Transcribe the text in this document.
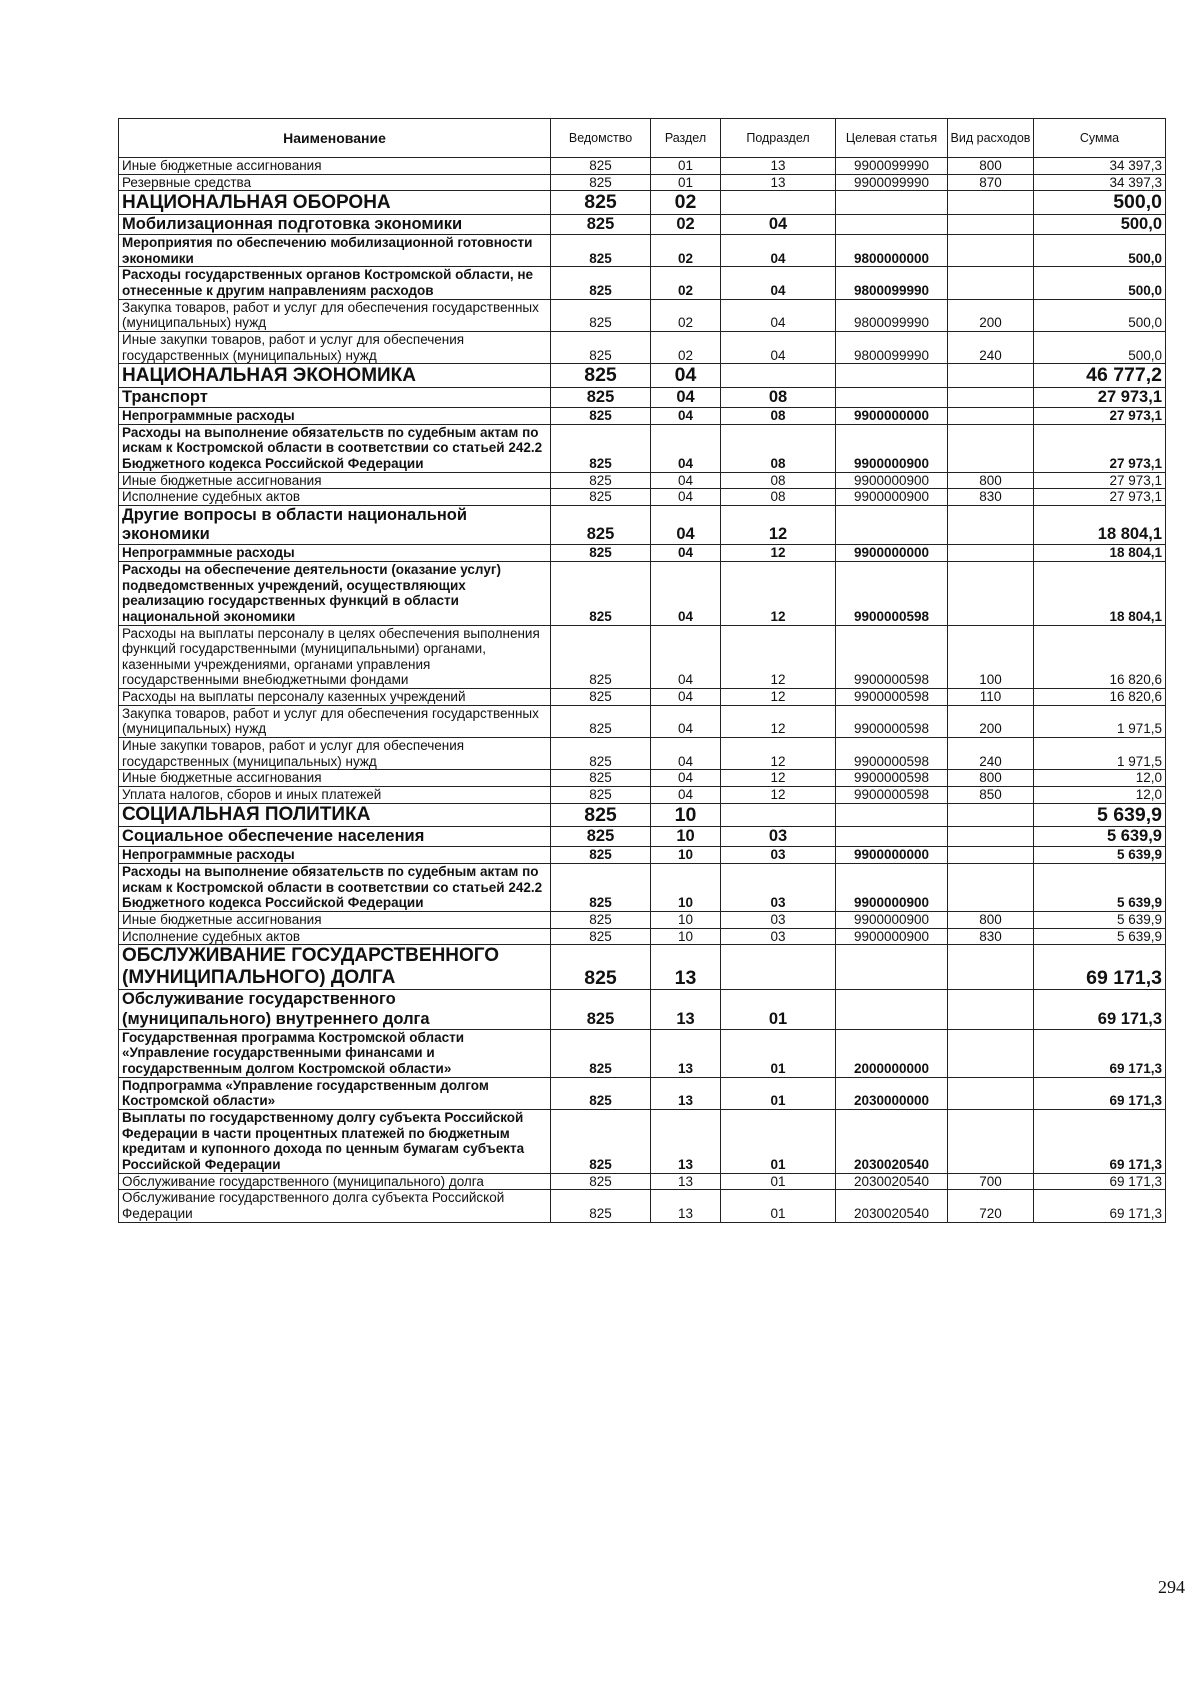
Наименование	Ведомство	Раздел	Подраздел	Целевая статья	Вид расходов	Сумма
Иные бюджетные ассигнования	825	01	13	9900099990	800	34 397,3
Резервные средства	825	01	13	9900099990	870	34 397,3
НАЦИОНАЛЬНАЯ ОБОРОНА	825	02				500,0
Мобилизационная подготовка экономики	825	02	04			500,0
Мероприятия по обеспечению мобилизационной готовности экономики	825	02	04	9800000000		500,0
Расходы государственных органов Костромской области, не отнесенные к другим направлениям расходов	825	02	04	9800099990		500,0
Закупка товаров, работ и услуг для обеспечения государственных (муниципальных) нужд	825	02	04	9800099990	200	500,0
Иные закупки товаров, работ и услуг для обеспечения государственных (муниципальных) нужд	825	02	04	9800099990	240	500,0
НАЦИОНАЛЬНАЯ ЭКОНОМИКА	825	04				46 777,2
Транспорт	825	04	08			27 973,1
Непрограммные расходы	825	04	08	9900000000		27 973,1
Расходы на выполнение обязательств по судебным актам по искам к Костромской области в соответствии со статьей 242.2 Бюджетного кодекса Российской Федерации	825	04	08	9900000900		27 973,1
Иные бюджетные ассигнования	825	04	08	9900000900	800	27 973,1
Исполнение судебных актов	825	04	08	9900000900	830	27 973,1
Другие вопросы в области национальной экономики	825	04	12			18 804,1
Непрограммные расходы	825	04	12	9900000000		18 804,1
Расходы на обеспечение деятельности (оказание услуг) подведомственных учреждений, осуществляющих реализацию государственных функций в области национальной экономики	825	04	12	9900000598		18 804,1
Расходы на выплаты персоналу в целях обеспечения выполнения функций государственными (муниципальными) органами, казенными учреждениями, органами управления государственными внебюджетными фондами	825	04	12	9900000598	100	16 820,6
Расходы на выплаты персоналу казенных учреждений	825	04	12	9900000598	110	16 820,6
Закупка товаров, работ и услуг для обеспечения государственных (муниципальных) нужд	825	04	12	9900000598	200	1 971,5
Иные закупки товаров, работ и услуг для обеспечения государственных (муниципальных) нужд	825	04	12	9900000598	240	1 971,5
Иные бюджетные ассигнования	825	04	12	9900000598	800	12,0
Уплата налогов, сборов и иных платежей	825	04	12	9900000598	850	12,0
СОЦИАЛЬНАЯ ПОЛИТИКА	825	10				5 639,9
Социальное обеспечение населения	825	10	03			5 639,9
Непрограммные расходы	825	10	03	9900000000		5 639,9
Расходы на выполнение обязательств по судебным актам по искам к Костромской области в соответствии со статьей 242.2 Бюджетного кодекса Российской Федерации	825	10	03	9900000900		5 639,9
Иные бюджетные ассигнования	825	10	03	9900000900	800	5 639,9
Исполнение судебных актов	825	10	03	9900000900	830	5 639,9
ОБСЛУЖИВАНИЕ ГОСУДАРСТВЕННОГО (МУНИЦИПАЛЬНОГО) ДОЛГА	825	13				69 171,3
Обслуживание государственного (муниципального) внутреннего долга	825	13	01			69 171,3
Государственная программа Костромской области «Управление государственными финансами и государственным долгом Костромской области»	825	13	01	2000000000		69 171,3
Подпрограмма «Управление государственным долгом Костромской области»	825	13	01	2030000000		69 171,3
Выплаты по государственному долгу субъекта Российской Федерации в части процентных платежей по бюджетным кредитам и купонного дохода по ценным бумагам субъекта Российской Федерации	825	13	01	2030020540		69 171,3
Обслуживание государственного (муниципального) долга	825	13	01	2030020540	700	69 171,3
Обслуживание государственного долга субъекта Российской Федерации	825	13	01	2030020540	720	69 171,3
294
